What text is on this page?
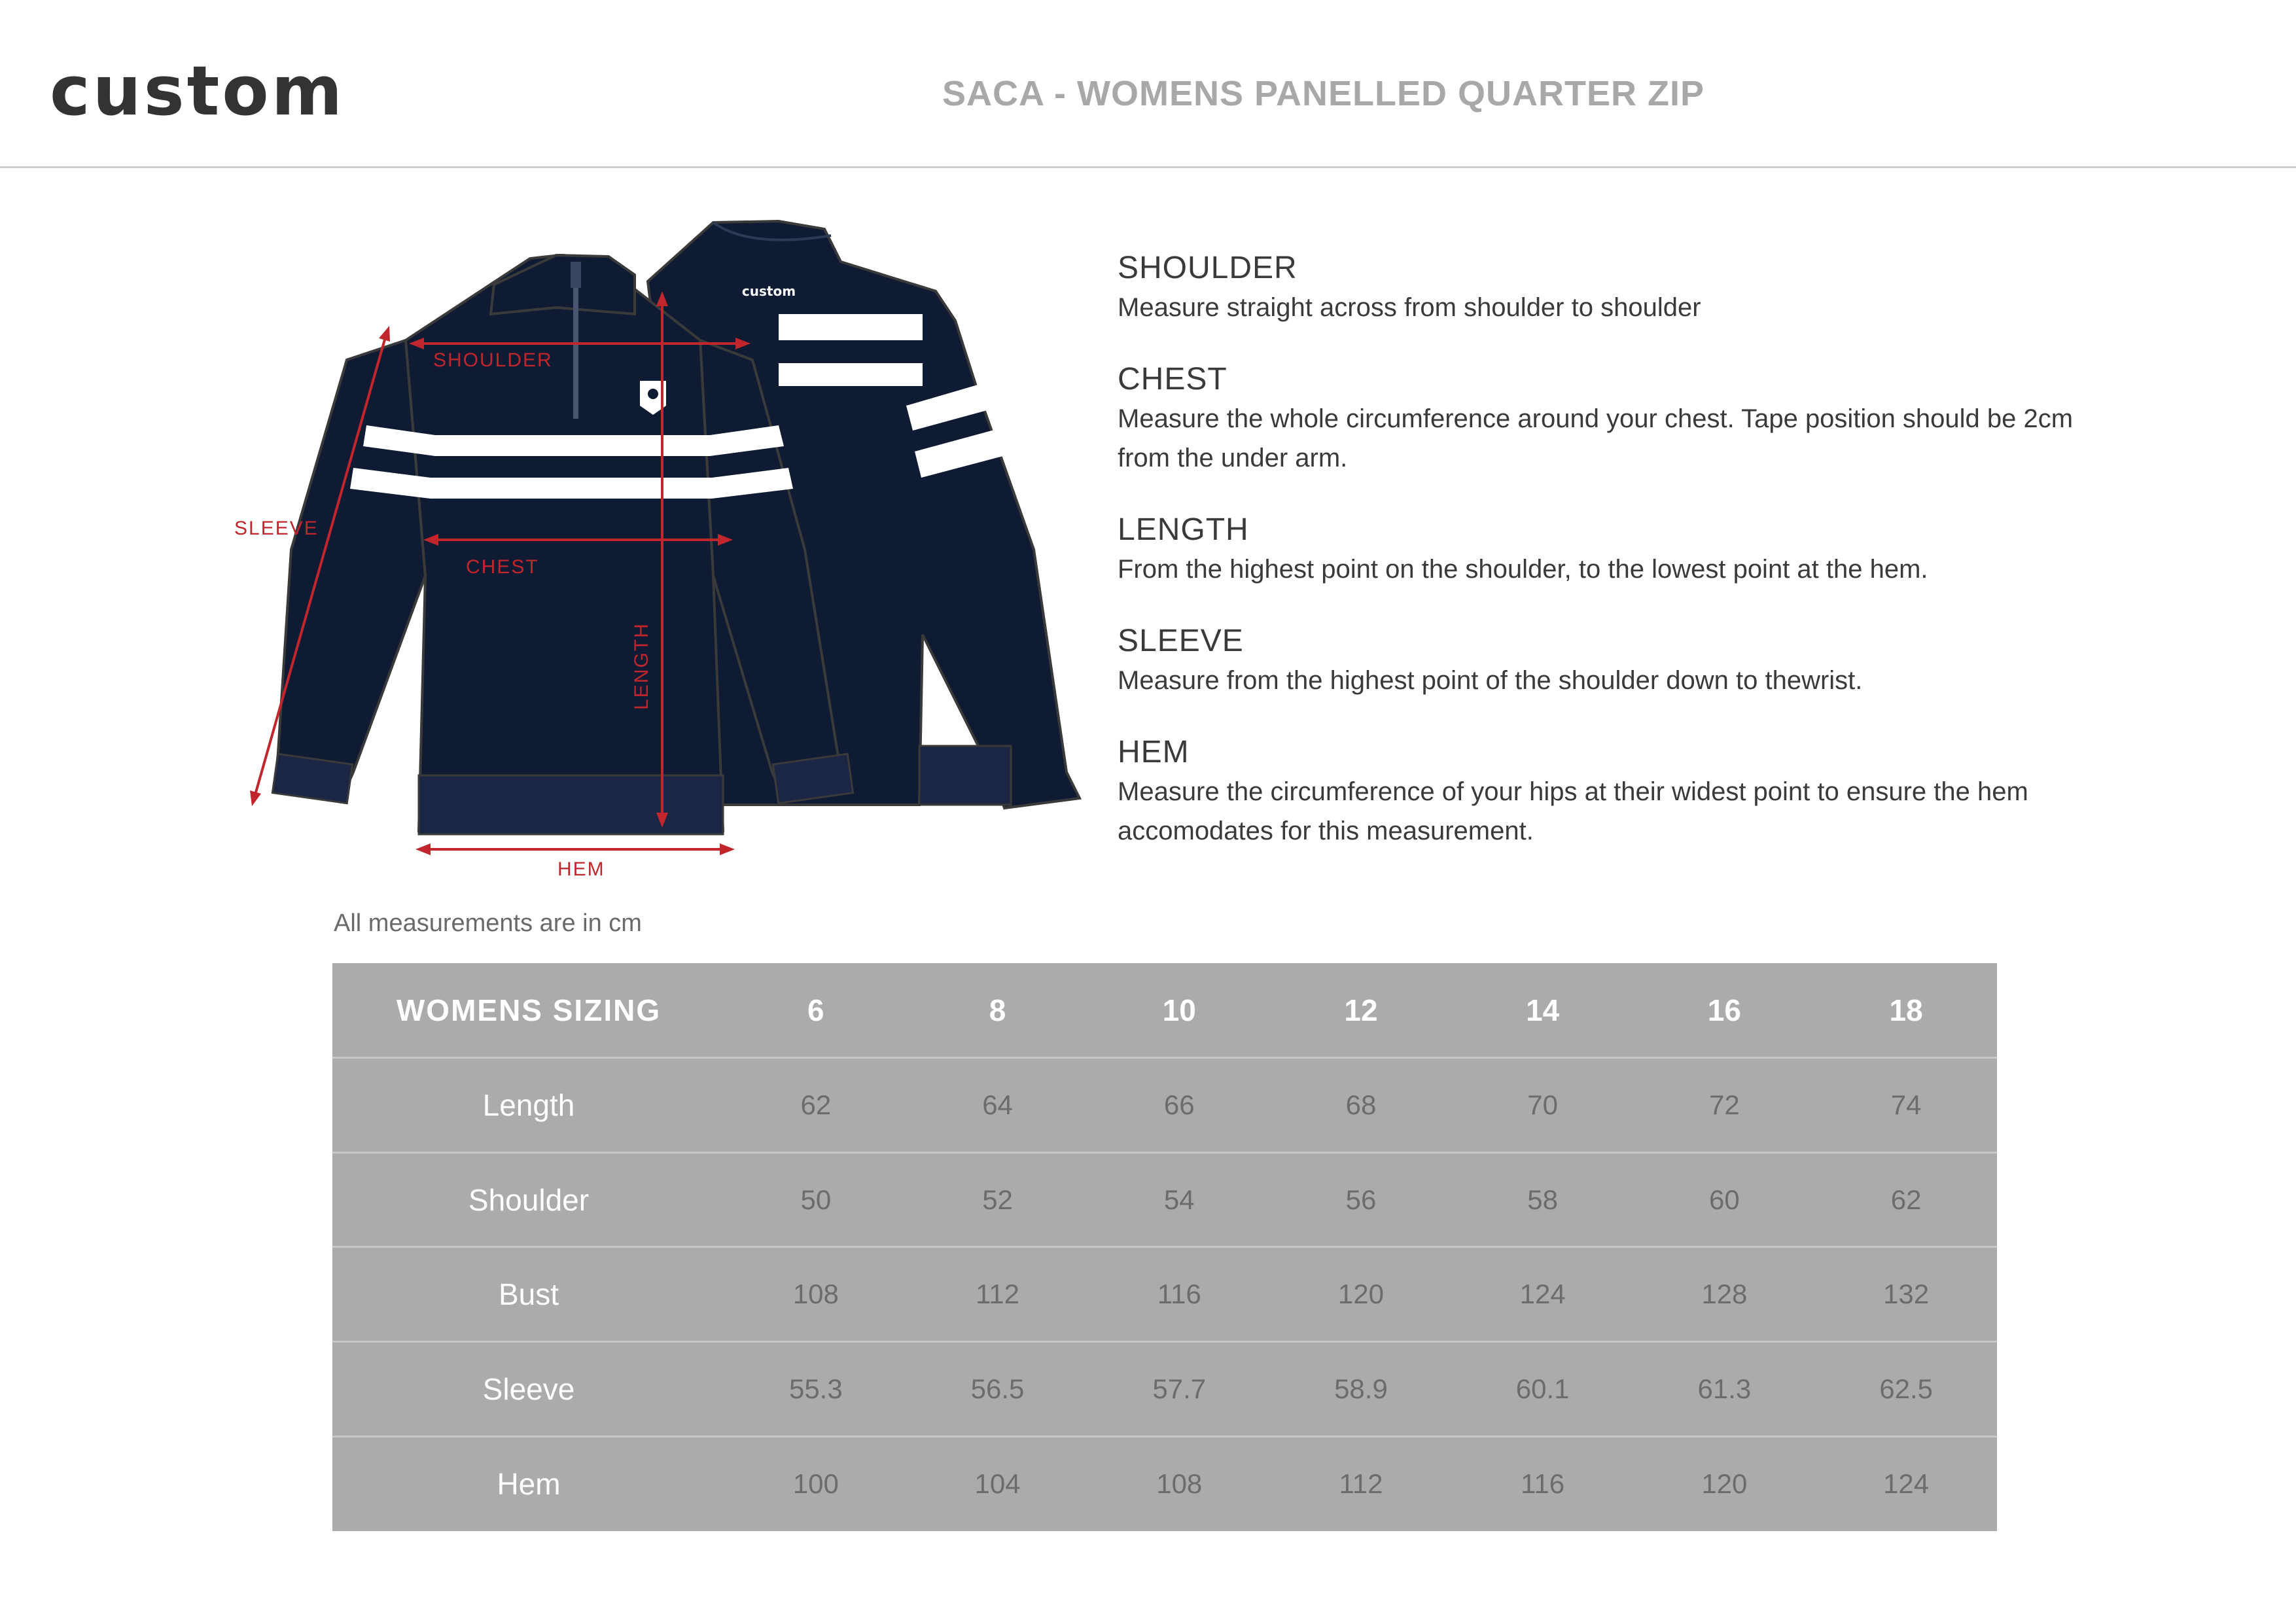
custom	SACA - WOMENS PANELLED QUARTER ZIP
custom
SHOULDER
SLEEVE
CHEST
LENGTH
HEM
SHOULDER
Measure straight across from shoulder to shoulder
CHEST
Measure the whole circumference around your chest. Tape position should be 2cm from the under arm.
LENGTH
From the highest point on the shoulder, to the lowest point at the hem.
SLEEVE
Measure from the highest point of the shoulder down to thewrist.
HEM
Measure the circumference of your hips at their widest point to ensure the hem accomodates for this measurement.
All measurements are in cm
WOMENS SIZING	6	8	10	12	14	16	18
Length	62	64	66	68	70	72	74
Shoulder	50	52	54	56	58	60	62
Bust	108	112	116	120	124	128	132
Sleeve	55.3	56.5	57.7	58.9	60.1	61.3	62.5
Hem	100	104	108	112	116	120	124
